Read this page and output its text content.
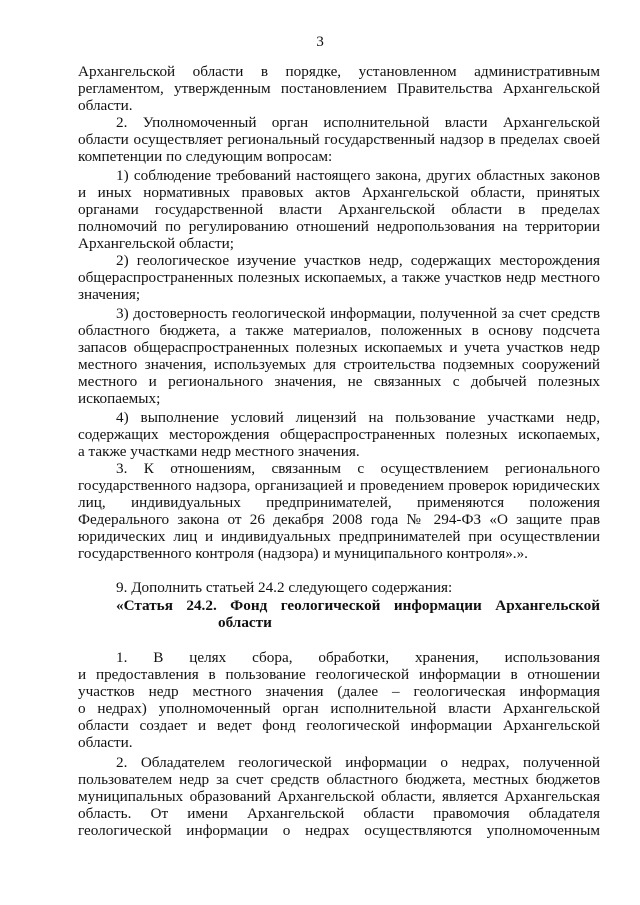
3
Архангельской области в порядке, установленном административным
регламентом, утвержденным постановлением Правительства Архангельской
области.
2. Уполномоченный орган исполнительной власти Архангельской
области осуществляет региональный государственный надзор в пределах своей
компетенции по следующим вопросам:
1) соблюдение требований настоящего закона, других областных законов
и иных нормативных правовых актов Архангельской области, принятых
органами государственной власти Архангельской области в пределах
полномочий по регулированию отношений недропользования на территории
Архангельской области;
2) геологическое изучение участков недр, содержащих месторождения
общераспространенных полезных ископаемых, а также участков недр местного
значения;
3) достоверность геологической информации, полученной за счет средств
областного бюджета, а также материалов, положенных в основу подсчета
запасов общераспространенных полезных ископаемых и учета участков недр
местного значения, используемых для строительства подземных сооружений
местного и регионального значения, не связанных с добычей полезных
ископаемых;
4) выполнение условий лицензий на пользование участками недр,
содержащих месторождения общераспространенных полезных ископаемых,
а также участками недр местного значения.
3. К отношениям, связанным с осуществлением регионального
государственного надзора, организацией и проведением проверок юридических
лиц, индивидуальных предпринимателей, применяются положения
Федерального закона от 26 декабря 2008 года № 294-ФЗ «О защите прав
юридических лиц и индивидуальных предпринимателей при осуществлении
государственного контроля (надзора) и муниципального контроля».».
9. Дополнить статьей 24.2 следующего содержания:
«Статья 24.2. Фонд геологической информации Архангельской
области
1. В целях сбора, обработки, хранения, использования
и предоставления в пользование геологической информации в отношении
участков недр местного значения (далее – геологическая информация
о недрах) уполномоченный орган исполнительной власти Архангельской
области создает и ведет фонд геологической информации Архангельской
области.
2. Обладателем геологической информации о недрах, полученной
пользователем недр за счет средств областного бюджета, местных бюджетов
муниципальных образований Архангельской области, является Архангельская
область. От имени Архангельской области правомочия обладателя
геологической информации о недрах осуществляются уполномоченным
